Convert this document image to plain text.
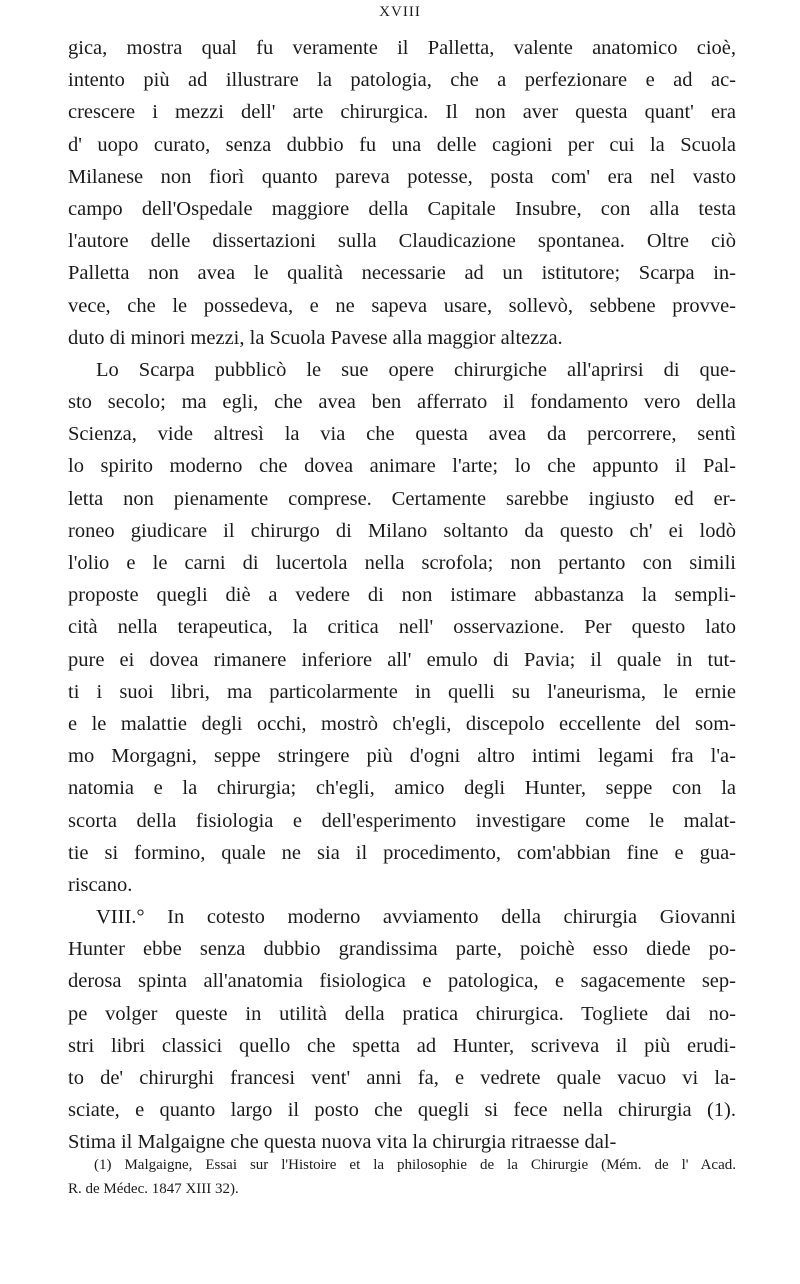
XVIII
gica, mostra qual fu veramente il Palletta, valente anatomico cioè,
intento più ad illustrare la patologia, che a perfezionare e ad ac-
crescere i mezzi dell' arte chirurgica. Il non aver questa quant' era
d' uopo curato, senza dubbio fu una delle cagioni per cui la Scuola
Milanese non fiorì quanto pareva potesse, posta com' era nel vasto
campo dell'Ospedale maggiore della Capitale Insubre, con alla testa
l'autore delle dissertazioni sulla Claudicazione spontanea. Oltre ciò
Palletta non avea le qualità necessarie ad un istitutore; Scarpa in-
vece, che le possedeva, e ne sapeva usare, sollevò, sebbene provve-
duto di minori mezzi, la Scuola Pavese alla maggior altezza.
Lo Scarpa pubblicò le sue opere chirurgiche all'aprirsi di que-
sto secolo; ma egli, che avea ben afferrato il fondamento vero della
Scienza, vide altresì la via che questa avea da percorrere, sentì
lo spirito moderno che dovea animare l'arte; lo che appunto il Pal-
letta non pienamente comprese. Certamente sarebbe ingiusto ed er-
roneo giudicare il chirurgo di Milano soltanto da questo ch' ei lodò
l'olio e le carni di lucertola nella scrofola; non pertanto con simili
proposte quegli diè a vedere di non istimare abbastanza la sempli-
cità nella terapeutica, la critica nell' osservazione. Per questo lato
pure ei dovea rimanere inferiore all' emulo di Pavia; il quale in tut-
ti i suoi libri, ma particolarmente in quelli su l'aneurisma, le ernie
e le malattie degli occhi, mostrò ch'egli, discepolo eccellente del som-
mo Morgagni, seppe stringere più d'ogni altro intimi legami fra l'a-
natomia e la chirurgia; ch'egli, amico degli Hunter, seppe con la
scorta della fisiologia e dell'esperimento investigare come le malat-
tie si formino, quale ne sia il procedimento, com'abbian fine e gua-
riscano.
VIII.° In cotesto moderno avviamento della chirurgia Giovanni
Hunter ebbe senza dubbio grandissima parte, poichè esso diede po-
derosa spinta all'anatomia fisiologica e patologica, e sagacemente sep-
pe volger queste in utilità della pratica chirurgica. Toglietе dai no-
stri libri classici quello che spetta ad Hunter, scriveva il più erudi-
to de' chirurghi francesi vent' anni fa, e vedrete quale vacuo vi la-
sciate, e quanto largo il posto che quegli si fece nella chirurgia (1).
Stima il Malgaigne che questa nuova vita la chirurgia ritraesse dal-
(1) Malgaigne, Essai sur l'Histoire et la philosophie de la Chirurgie (Mém. de l' Acad.
R. de Médec. 1847 XIII 32).
